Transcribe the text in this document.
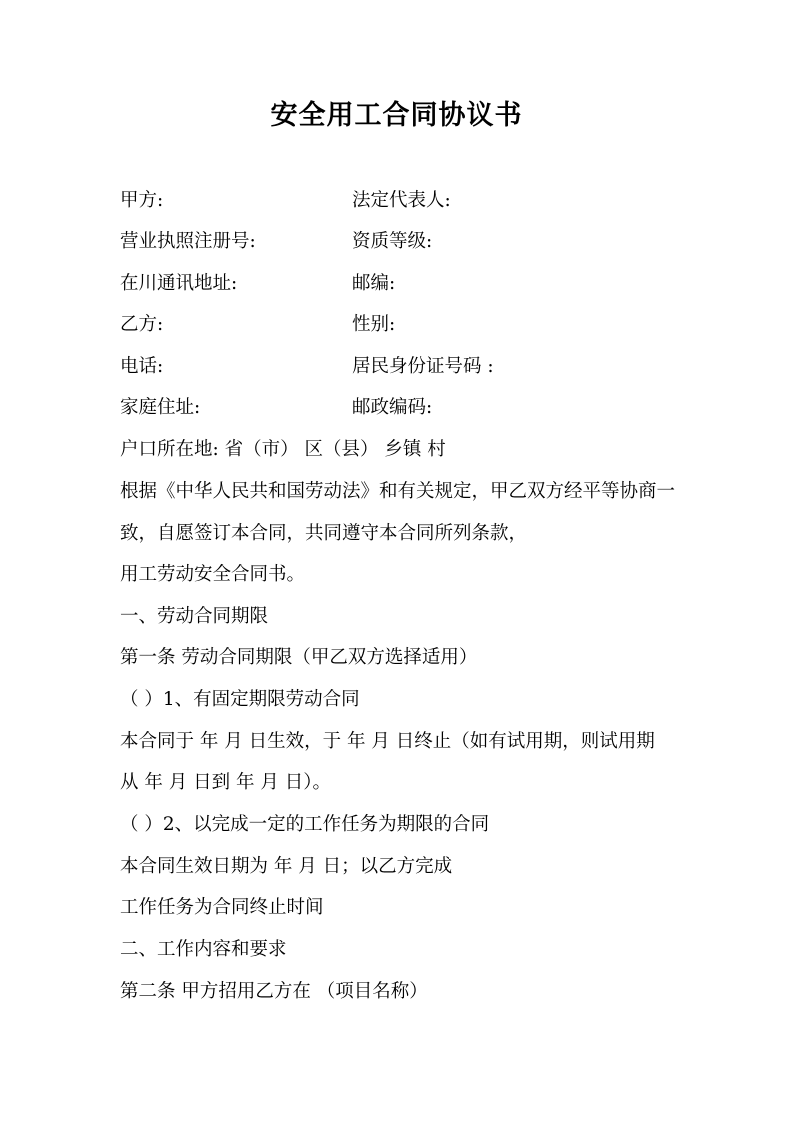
安全用工合同协议书
甲方:	法定代表人:
营业执照注册号:	资质等级:
在川通讯地址:	邮编:
乙方:	性别:
电话:	居民身份证号码 :
家庭住址:	邮政编码:
户口所在地: 省（市） 区（县） 乡镇 村
根据《中华人民共和国劳动法》和有关规定，甲乙双方经平等协商一
致，自愿签订本合同，共同遵守本合同所列条款，
用工劳动安全合同书。
一、劳动合同期限
第一条 劳动合同期限（甲乙双方选择适用）
（ ）1、有固定期限劳动合同
本合同于 年 月 日生效，于 年 月 日终止（如有试用期，则试用期
从 年 月 日到 年 月 日）。
（ ）2、以完成一定的工作任务为期限的合同
本合同生效日期为 年 月 日；以乙方完成
工作任务为合同终止时间
二、工作内容和要求
第二条 甲方招用乙方在 （项目名称）
